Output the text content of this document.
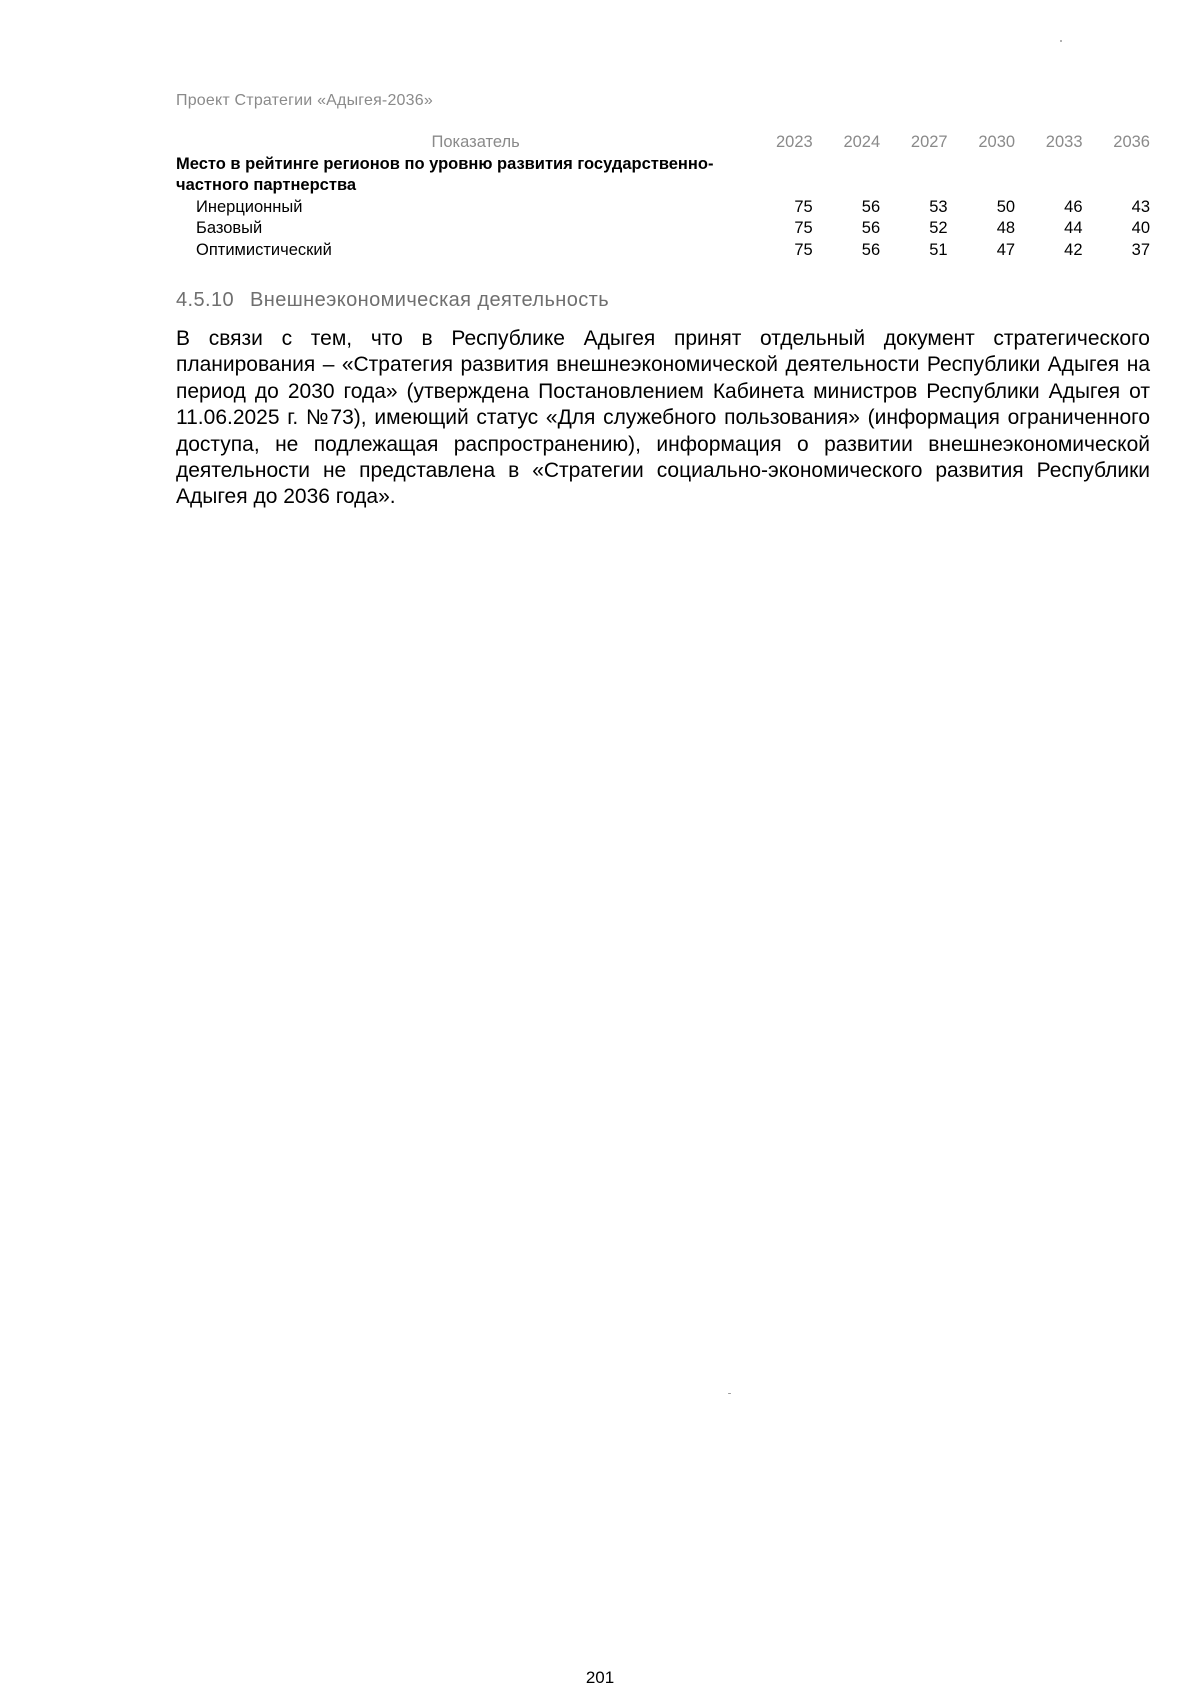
Проект Стратегии «Адыгея-2036»
Показатель	2023	2024	2027	2030	2033	2036
Место в рейтинге регионов по уровню развития государственно-частного партнерства						
Инерционный	75	56	53	50	46	43
Базовый	75	56	52	48	44	40
Оптимистический	75	56	51	47	42	37
4.5.10 Внешнеэкономическая деятельность

В связи с тем, что в Республике Адыгея принят отдельный документ стратегического планирования – «Стратегия развития внешнеэкономической деятельности Республики Адыгея на период до 2030 года» (утверждена Постановлением Кабинета министров Республики Адыгея от 11.06.2025 г. №73), имеющий статус «Для служебного пользования» (информация ограниченного доступа, не подлежащая распространению), информация о развитии внешнеэкономической деятельности не представлена в «Стратегии социально-экономического развития Республики Адыгея до 2036 года».

201
